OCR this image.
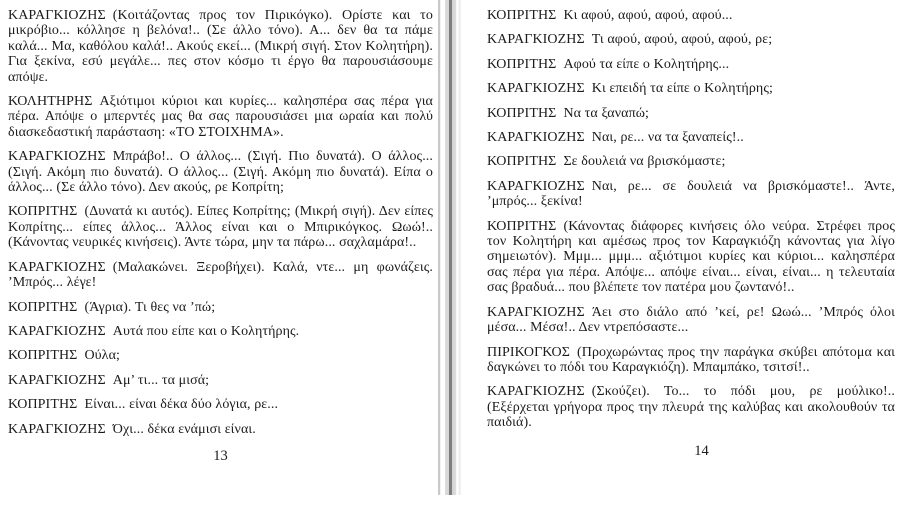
ΚΑΡΑΓΚΙΟΖΗΣ (Κοιτάζοντας προς τον Πιρικόγκο). Ορίστε και το μικρόβιο... κόλλησε η βελόνα!.. (Σε άλλο τόνο). Α... δεν θα τα πάμε καλά... Μα, καθόλου καλά!.. Ακούς εκεί... (Μικρή σιγή. Στον Κολητήρη). Για ξεκίνα, εσύ μεγάλε... πες στον κόσμο τι έργο θα παρουσιάσουμε απόψε.

ΚΟΛΗΤΗΡΗΣ Αξιότιμοι κύριοι και κυρίες... καλησπέρα σας πέρα για πέρα. Απόψε ο μπερντές μας θα σας παρουσιάσει μια ωραία και πολύ διασκεδαστική παράσταση: «ΤΟ ΣΤΟΙΧΗΜΑ».

ΚΑΡΑΓΚΙΟΖΗΣ Μπράβο!.. Ο άλλος... (Σιγή. Πιο δυνατά). Ο άλλος... (Σιγή. Ακόμη πιο δυνατά). Ο άλλος... (Σιγή. Ακόμη πιο δυνατά). Είπα ο άλλος... (Σε άλλο τόνο). Δεν ακούς, ρε Κοπρίτη;

ΚΟΠΡΙΤΗΣ (Δυνατά κι αυτός). Είπες Κοπρίτης; (Μικρή σιγή). Δεν είπες Κοπρίτης... είπες άλλος... Άλλος είναι και ο Μπιρικόγκος. Ωωώ!.. (Κάνοντας νευρικές κινήσεις). Άντε τώρα, μην τα πάρω... σαχλαμάρα!..

ΚΑΡΑΓΚΙΟΖΗΣ (Μαλακώνει. Ξεροβήχει). Καλά, ντε... μη φωνάζεις. ’Μπρός... λέγε!

ΚΟΠΡΙΤΗΣ (Άγρια). Τι θες να ’πώ;

ΚΑΡΑΓΚΙΟΖΗΣ Αυτά που είπε και ο Κολητήρης.

ΚΟΠΡΙΤΗΣ Ούλα;

ΚΑΡΑΓΚΙΟΖΗΣ Αμ’ τι... τα μισά;

ΚΟΠΡΙΤΗΣ Είναι... είναι δέκα δύο λόγια, ρε...

ΚΑΡΑΓΚΙΟΖΗΣ Όχι... δέκα ενάμισι είναι.

13

ΚΟΠΡΙΤΗΣ Κι αφού, αφού, αφού, αφού...

ΚΑΡΑΓΚΙΟΖΗΣ Τι αφού, αφού, αφού, αφού, ρε;

ΚΟΠΡΙΤΗΣ Αφού τα είπε ο Κολητήρης...

ΚΑΡΑΓΚΙΟΖΗΣ Κι επειδή τα είπε ο Κολητήρης;

ΚΟΠΡΙΤΗΣ Να τα ξαναπώ;

ΚΑΡΑΓΚΙΟΖΗΣ Ναι, ρε... να τα ξαναπείς!..

ΚΟΠΡΙΤΗΣ Σε δουλειά να βρισκόμαστε;

ΚΑΡΑΓΚΙΟΖΗΣ Ναι, ρε... σε δουλειά να βρισκόμαστε!.. Άντε, ’μπρός... ξεκίνα!

ΚΟΠΡΙΤΗΣ (Κάνοντας διάφορες κινήσεις όλο νεύρα. Στρέφει προς τον Κολητήρη και αμέσως προς τον Καραγκιόζη κάνοντας για λίγο σημειωτόν). Μμμ... μμμ... αξιότιμοι κυρίες και κύριοι... καλησπέρα σας πέρα για πέρα. Απόψε... απόψε είναι... είναι, είναι... η τελευταία σας βραδυά... που βλέπετε τον πατέρα μου ζωντανό!..

ΚΑΡΑΓΚΙΟΖΗΣ Άει στο διάλο από ’κεί, ρε! Ωωώ... ’Μπρός όλοι μέσα... Μέσα!.. Δεν ντρεπόσαστε...

ΠΙΡΙΚΟΓΚΟΣ (Προχωρώντας προς την παράγκα σκύβει απότομα και δαγκώνει το πόδι του Καραγκιόζη). Μπαμπάκο, τσιτσί!..

ΚΑΡΑΓΚΙΟΖΗΣ (Σκούζει). Το... το πόδι μου, ρε μούλικο!.. (Εξέρχεται γρήγορα προς την πλευρά της καλύβας και ακολουθούν τα παιδιά).

14
